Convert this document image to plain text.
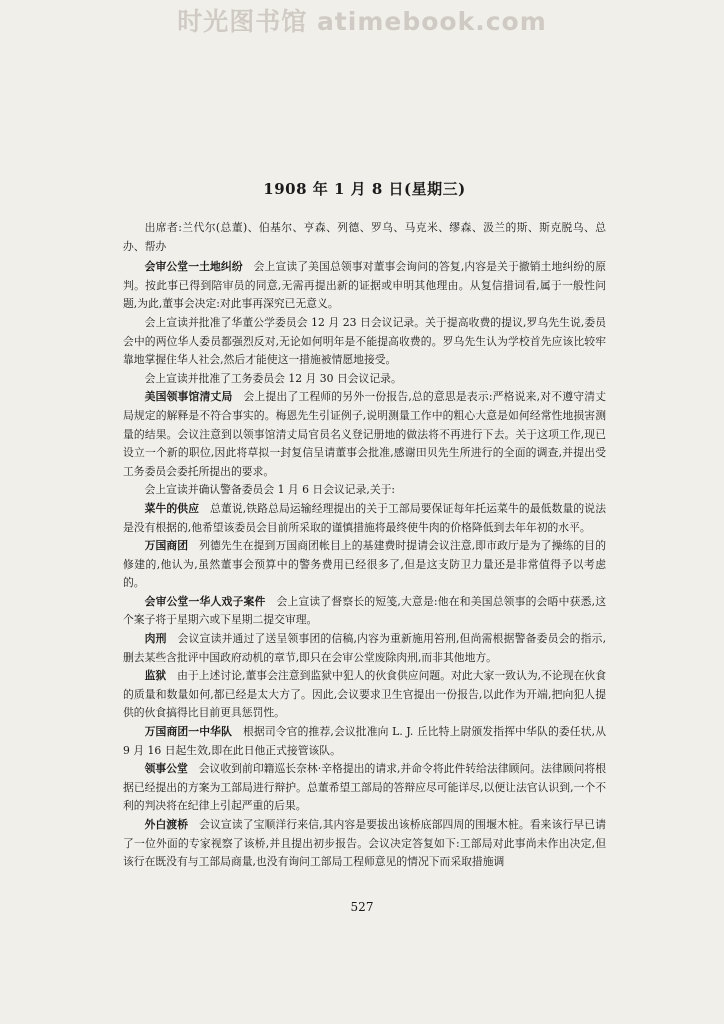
时光图书馆 atimebook.com
1908 年 1 月 8 日(星期三)

出席者:兰代尔(总董)、伯基尔、亨森、列德、罗乌、马克米、缪森、汲兰的斯、斯克脱乌、总办、帮办

会审公堂一土地纠纷　 会上宣读了美国总领事对董事会询问的答复,内容是关于撤销土地纠纷的原判。按此事已得到陪审员的同意,无需再提出新的证据或申明其他理由。从复信措词看,属于一般性问题,为此,董事会决定:对此事再深究已无意义。

会上宣读并批准了华董公学委员会 12 月 23 日会议记录。关于提高收费的提议,罗乌先生说,委员会中的两位华人委员都强烈反对,无论如何明年是不能提高收费的。罗乌先生认为学校首先应该比较牢靠地掌握住华人社会,然后才能使这一措施被情愿地接受。

会上宣读并批准了工务委员会 12 月 30 日会议记录。

美国领事馆清丈局　 会上提出了工程师的另外一份报告,总的意思是表示:严格说来,对不遵守清丈局规定的解释是不符合事实的。梅恩先生引证例子,说明测量工作中的粗心大意是如何经常性地损害测量的结果。会议注意到以领事馆清丈局官员名义登记册地的做法将不再进行下去。关于这项工作,现已设立一个新的职位,因此将草拟一封复信呈请董事会批准,感谢田贝先生所进行的全面的调查,并提出受工务委员会委托所提出的要求。

会上宣读并确认警备委员会 1 月 6 日会议记录,关于:

菜牛的供应　 总董说,铁路总局运输经理提出的关于工部局要保证每年托运菜牛的最低数量的说法是没有根据的,他希望该委员会目前所采取的谨慎措施将最终使牛肉的价格降低到去年年初的水平。

万国商团　 列德先生在提到万国商团帐目上的基建费时提请会议注意,即市政厅是为了操练的目的修建的,他认为,虽然董事会预算中的警务费用已经很多了,但是这支防卫力量还是非常值得予以考虑的。

会审公堂一华人戏子案件　 会上宣读了督察长的短笺,大意是:他在和美国总领事的会晤中获悉,这个案子将于星期六或下星期二提交审理。

肉刑　 会议宣读并通过了送呈领事团的信稿,内容为重新施用笞刑,但尚需根据警备委员会的指示,删去某些含批评中国政府动机的章节,即只在会审公堂废除肉刑,而非其他地方。

监狱　 由于上述讨论,董事会注意到监狱中犯人的伙食供应问题。对此大家一致认为,不论现在伙食的质量和数量如何,都已经是太大方了。因此,会议要求卫生官提出一份报告,以此作为开端,把向犯人提供的伙食搞得比目前更具惩罚性。

万国商团一中华队　 根据司令官的推荐,会议批准向 L. J. 丘比特上尉颁发指挥中华队的委任状,从 9 月 16 日起生效,即在此日他正式接管该队。

领事公堂　 会议收到前印籍巡长奈林·辛格提出的请求,并命令将此件转给法律顾问。法律顾问将根据已经提出的方案为工部局进行辩护。总董希望工部局的答辩应尽可能详尽,以便让法官认识到,一个不利的判决将在纪律上引起严重的后果。

外白渡桥　 会议宣读了宝顺洋行来信,其内容是要拔出该桥底部四周的围堰木桩。看来该行早已请了一位外面的专家视察了该桥,并且提出初步报告。会议决定答复如下:工部局对此事尚未作出决定,但该行在既没有与工部局商量,也没有询问工部局工程师意见的情况下而采取措施调

527
